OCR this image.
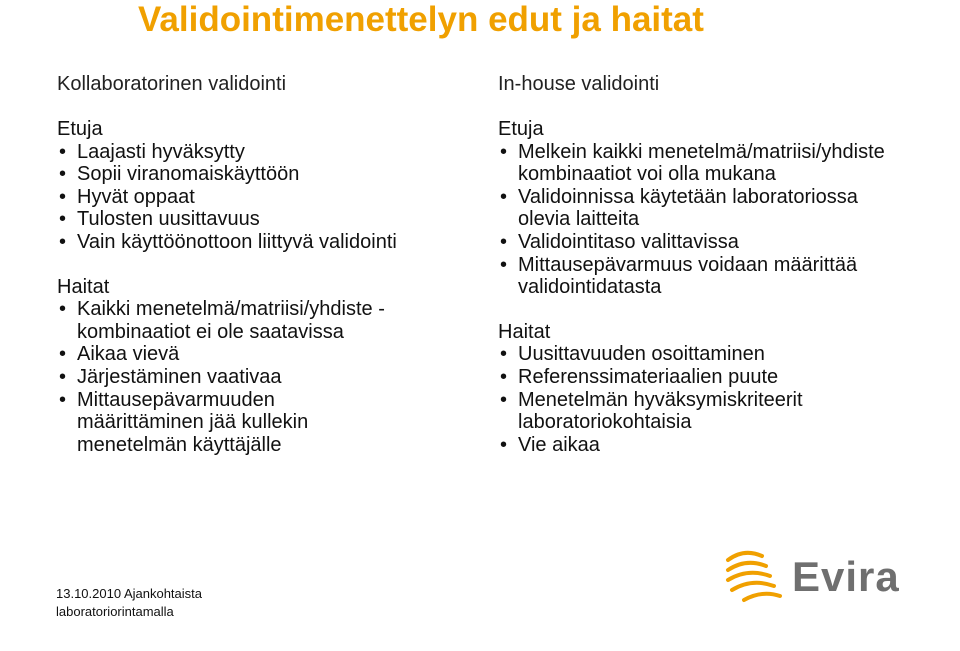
Validointimenettelyn edut ja haitat
Kollaboratorinen validointi
Etuja
• Laajasti hyväksytty
• Sopii viranomaiskäyttöön
• Hyvät oppaat
• Tulosten uusittavuus
• Vain käyttöönottoon liittyvä validointi
Haitat
• Kaikki menetelmä/matriisi/yhdiste -kombinaatiot ei ole saatavissa
• Aikaa vievä
• Järjestäminen vaativaa
• Mittausepävarmuuden määrittäminen jää kullekin menetelmän käyttäjälle
In-house validointi
Etuja
• Melkein kaikki menetelmä/matriisi/yhdiste kombinaatiot voi olla mukana
• Validoinnissa käytetään laboratoriossa olevia laitteita
• Validointitaso valittavissa
• Mittausepävarmuus voidaan määrittää validointidatasta
Haitat
• Uusittavuuden osoittaminen
• Referenssimateriaalien puute
• Menetelmän hyväksymiskriteerit laboratoriokohtaisia
• Vie aikaa
13.10.2010 Ajankohtaista
laboratoriorintamalla
Evira
